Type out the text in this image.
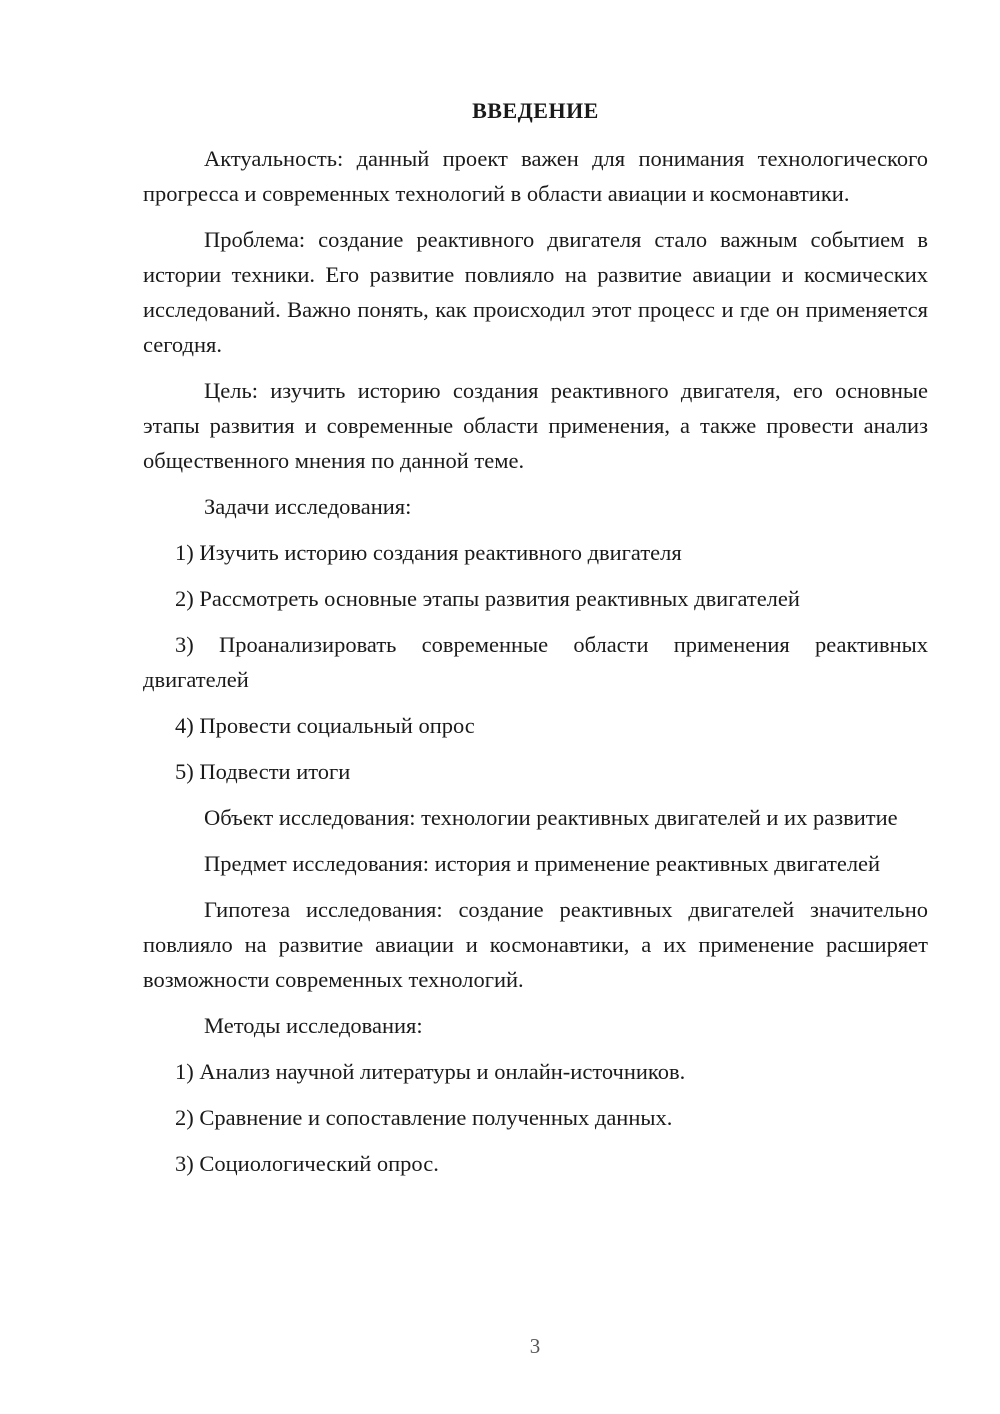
ВВЕДЕНИЕ

Актуальность: данный проект важен для понимания технологического прогресса и современных технологий в области авиации и космонавтики.

Проблема: создание реактивного двигателя стало важным событием в истории техники. Его развитие повлияло на развитие авиации и космических исследований. Важно понять, как происходил этот процесс и где он применяется сегодня.

Цель: изучить историю создания реактивного двигателя, его основные этапы развития и современные области применения, а также провести анализ общественного мнения по данной теме.

Задачи исследования:

1) Изучить историю создания реактивного двигателя

2) Рассмотреть основные этапы развития реактивных двигателей

3) Проанализировать современные области применения реактивных двигателей

4) Провести социальный опрос

5) Подвести итоги

Объект исследования: технологии реактивных двигателей и их развитие

Предмет исследования: история и применение реактивных двигателей

Гипотеза исследования: создание реактивных двигателей значительно повлияло на развитие авиации и космонавтики, а их применение расширяет возможности современных технологий.

Методы исследования:

1) Анализ научной литературы и онлайн-источников.

2) Сравнение и сопоставление полученных данных.

3) Социологический опрос.

3
